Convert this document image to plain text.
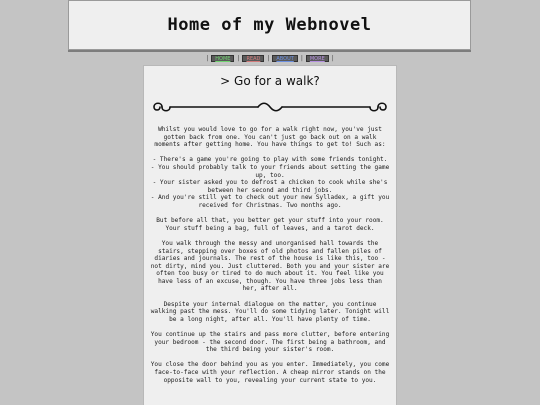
Home of my Webnovel
|	HOME	|	READ	|	ABOUT	|	MORE	|
> Go for a walk?

Whilst you would love to go for a walk right now, you've just gotten back from one. You can't just go back out on a walk moments after getting home. You have things to get to! Such as:

- There's a game you're going to play with some friends tonight.
- You should probably talk to your friends about setting the game up, too.
- Your sister asked you to defrost a chicken to cook while she's between her second and third jobs.
- And you're still yet to check out your new Sylladex, a gift you received for Christmas. Two months ago.

But before all that, you better get your stuff into your room. Your stuff being a bag, full of leaves, and a tarot deck.

You walk through the messy and unorganised hall towards the stairs, stepping over boxes of old photos and fallen piles of diaries and journals. The rest of the house is like this, too - not dirty, mind you. Just cluttered. Both you and your sister are often too busy or tired to do much about it. You feel like you have less of an excuse, though. You have three jobs less than her, after all.

Despite your internal dialogue on the matter, you continue walking past the mess. You'll do some tidying later. Tonight will be a long night, after all. You'll have plenty of time.

You continue up the stairs and pass more clutter, before entering your bedroom - the second door. The first being a bathroom, and the third being your sister's room.

You close the door behind you as you enter. Immediately, you come face-to-face with your reflection. A cheap mirror stands on the opposite wall to you, revealing your current state to you.
